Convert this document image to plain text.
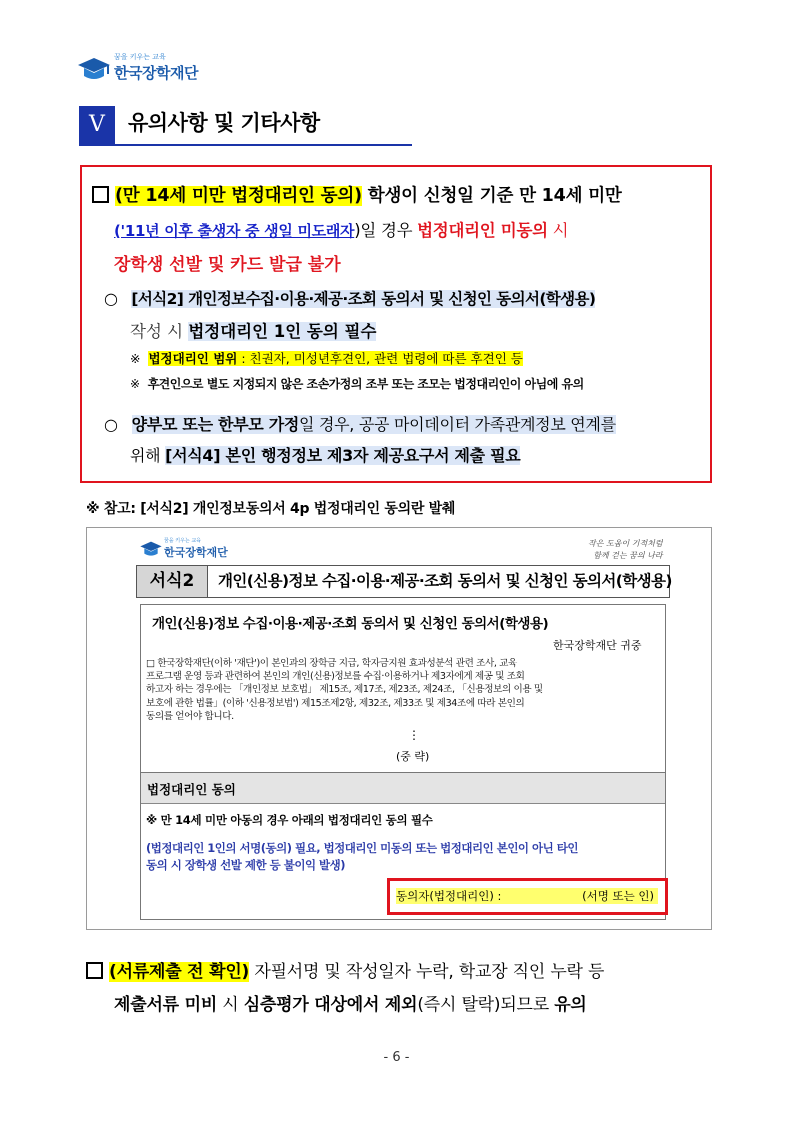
꿈을 키우는 교육
한국장학재단
Ⅴ	유의사항 및 기타사항
(만 14세 미만 법정대리인 동의) 학생이 신청일 기준 만 14세 미만
('11년 이후 출생자 중 생일 미도래자)일 경우 법정대리인 미동의 시
장학생 선발 및 카드 발급 불가
○ [서식2] 개인정보수집·이용·제공·조회 동의서 및 신청인 동의서(학생용)
작성 시 법정대리인 1인 동의 필수
※ 법정대리인 범위 : 친권자, 미성년후견인, 관련 법령에 따른 후견인 등
※ 후견인으로 별도 지정되지 않은 조손가정의 조부 또는 조모는 법정대리인이 아님에 유의
○ 양부모 또는 한부모 가정일 경우, 공공 마이데이터 가족관계정보 연계를
위해 [서식4] 본인 행정정보 제3자 제공요구서 제출 필요
※ 참고: [서식2] 개인정보동의서 4p 법정대리인 동의란 발췌
꿈을 키우는 교육
한국장학재단
작은 도움이 기적처럼
함께 걷는 꿈의 나라
서식2	개인(신용)정보 수집·이용·제공·조회 동의서 및 신청인 동의서(학생용)
개인(신용)정보 수집·이용·제공·조회 동의서 및 신청인 동의서(학생용)
한국장학재단 귀중
□ 한국장학재단(이하 '재단')이 본인과의 장학금 지급, 학자금지원 효과성분석 관련 조사, 교육
프로그램 운영 등과 관련하여 본인의 개인(신용)정보를 수집·이용하거나 제3자에게 제공 및 조회
하고자 하는 경우에는 「개인정보 보호법」 제15조, 제17조, 제23조, 제24조, 「신용정보의 이용 및
보호에 관한 법률」(이하 '신용정보법') 제15조제2항, 제32조, 제33조 및 제34조에 따라 본인의
동의를 얻어야 합니다.
⋮
(중 략)
법정대리인 동의
※ 만 14세 미만 아동의 경우 아래의 법정대리인 동의 필수
(법정대리인 1인의 서명(동의) 필요, 법정대리인 미동의 또는 법정대리인 본인이 아닌 타인
동의 시 장학생 선발 제한 등 불이익 발생)
동의자(법정대리인) :	(서명 또는 인)
(서류제출 전 확인) 자필서명 및 작성일자 누락, 학교장 직인 누락 등
제출서류 미비 시 심층평가 대상에서 제외(즉시 탈락)되므로 유의
- 6 -
